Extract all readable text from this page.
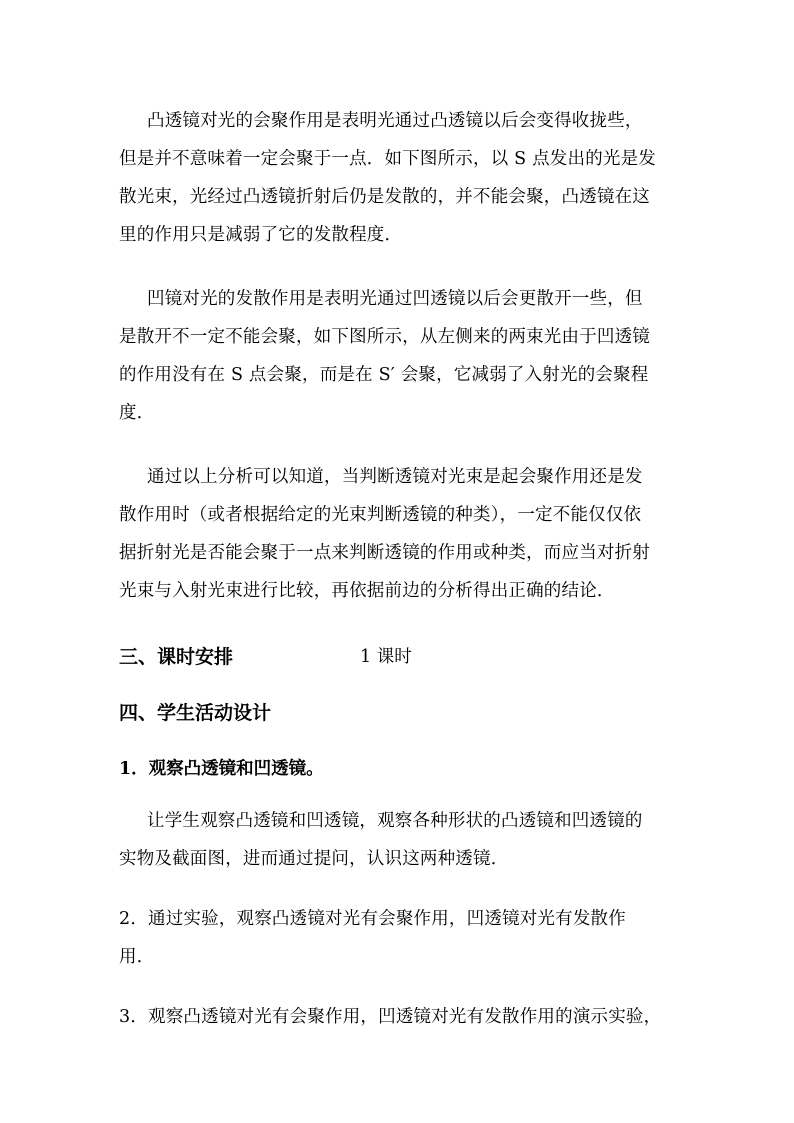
凸透镜对光的会聚作用是表明光通过凸透镜以后会变得收拢些，
但是并不意味着一定会聚于一点．如下图所示，以 S 点发出的光是发
散光束，光经过凸透镜折射后仍是发散的，并不能会聚，凸透镜在这
里的作用只是减弱了它的发散程度．
凹镜对光的发散作用是表明光通过凹透镜以后会更散开一些，但
是散开不一定不能会聚，如下图所示，从左侧来的两束光由于凹透镜
的作用没有在 S 点会聚，而是在 S′ 会聚，它减弱了入射光的会聚程
度．
通过以上分析可以知道，当判断透镜对光束是起会聚作用还是发
散作用时（或者根据给定的光束判断透镜的种类），一定不能仅仅依
据折射光是否能会聚于一点来判断透镜的作用或种类，而应当对折射
光束与入射光束进行比较，再依据前边的分析得出正确的结论．
三、课时安排	1 课时
四、学生活动设计
1．观察凸透镜和凹透镜。
让学生观察凸透镜和凹透镜，观察各种形状的凸透镜和凹透镜的
实物及截面图，进而通过提问，认识这两种透镜．
2．通过实验，观察凸透镜对光有会聚作用，凹透镜对光有发散作
用．
3．观察凸透镜对光有会聚作用，凹透镜对光有发散作用的演示实验，
